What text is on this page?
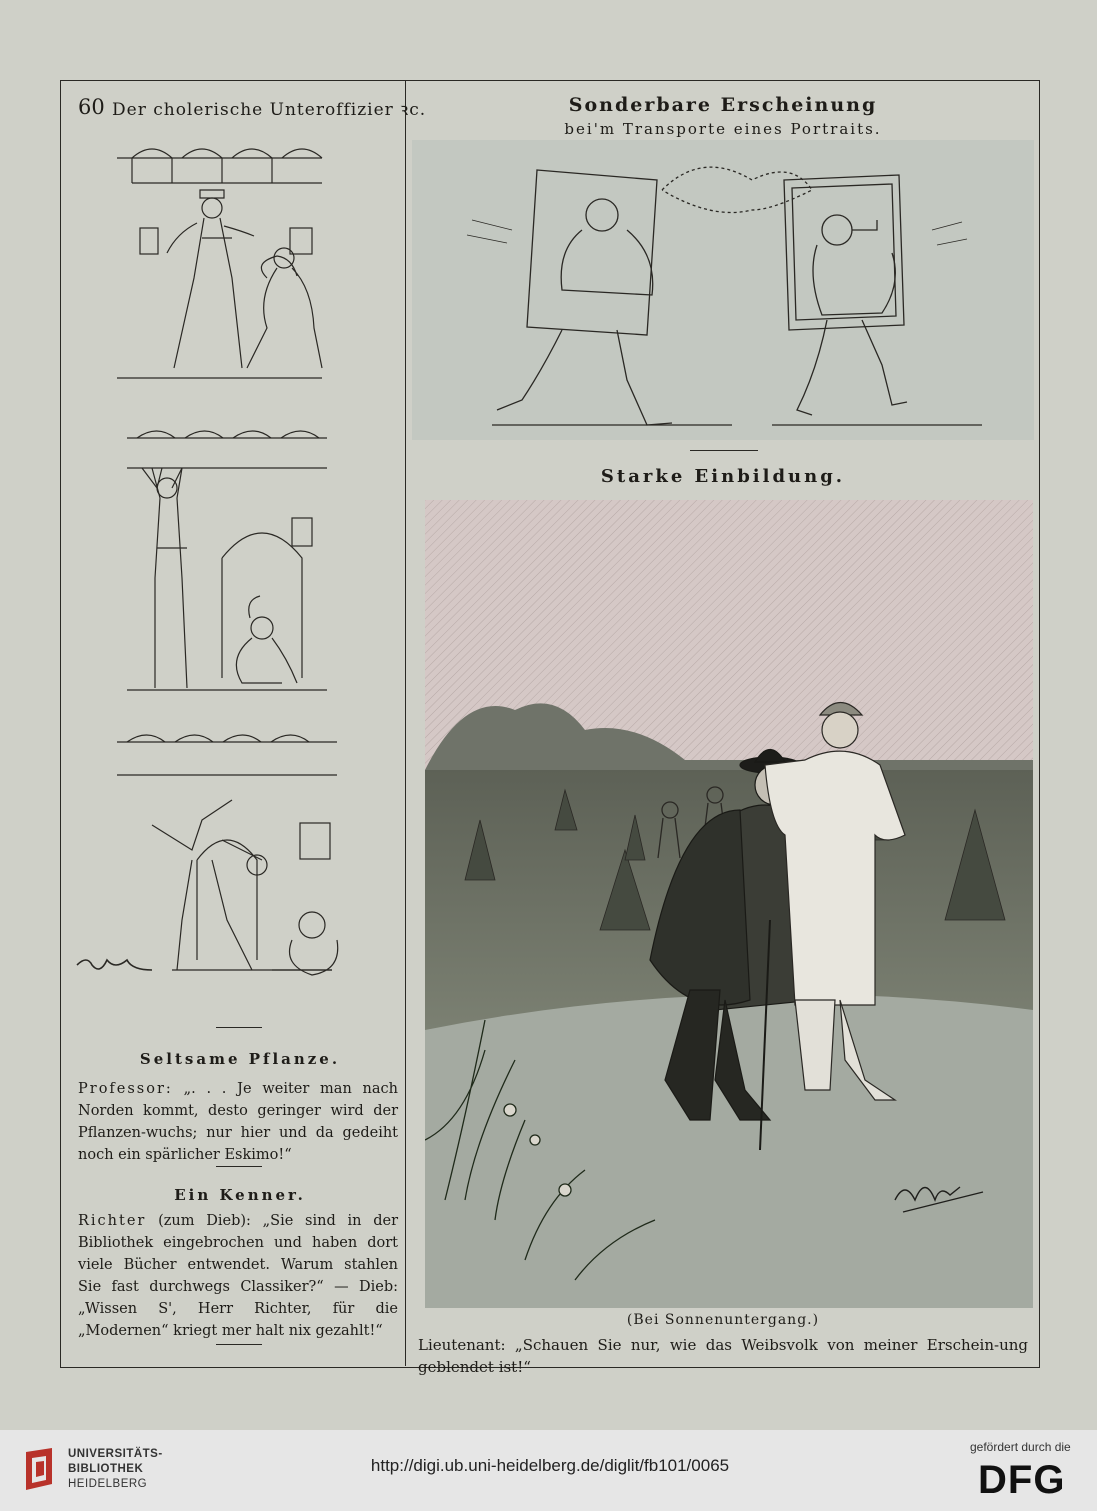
60 Der cholerische Unteroffizier ꝛc.	Sonderbare Erscheinung
bei'm Transporte eines Portraits.
Seltsame Pflanze.
Professor: „. . . Je weiter man nach Norden kommt, desto geringer wird der Pflanzen-wuchs; nur hier und da gedeiht noch ein spärlicher Eskimo!“
Ein Kenner.
Richter (zum Dieb): „Sie sind in der Bibliothek eingebrochen und haben dort viele Bücher entwendet. Warum stahlen Sie fast durchwegs Classiker?“ — Dieb: „Wissen S', Herr Richter, für die „Modernen“ kriegt mer halt nix gezahlt!“
Starke Einbildung.
(Bei Sonnenuntergang.)
Lieutenant: „Schauen Sie nur, wie das Weibsvolk von meiner Erschein-ung geblendet ist!“
UNIVERSITÄTS-
BIBLIOTHEK
HEIDELBERG
http://digi.ub.uni-heidelberg.de/diglit/fb101/0065
gefördert durch die
DFG
